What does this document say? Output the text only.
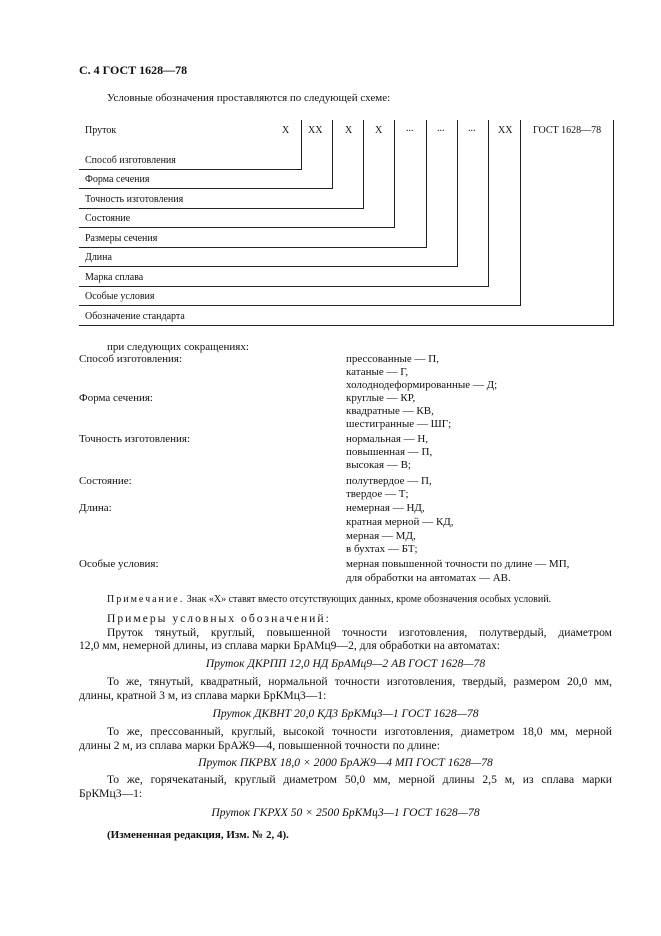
С. 4 ГОСТ 1628—78
Условные обозначения проставляются по следующей схеме:
Пруток	Х ХХ Х Х ... ... ... ХХ ГОСТ 1628—78
Способ изготовления
Форма сечения
Точность изготовления
Состояние
Размеры сечения
Длина
Марка сплава
Особые условия
Обозначение стандарта
при следующих сокращениях:
Способ изготовления:	прессованные — П,
катаные — Г,
холоднодеформированные — Д;
Форма сечения:	круглые — КР,
квадратные — КВ,
шестигранные — ШГ;
Точность изготовления:	нормальная — Н,
повышенная — П,
высокая — В;
Состояние:	полутвердое — П,
твердое — Т;
Длина:	немерная — НД,
кратная мерной — КД,
мерная — МД,
в бухтах — БТ;
Особые условия:	мерная повышенной точности по длине — МП,
для обработки на автоматах — АВ.
Примечание. Знак «Х» ставят вместо отсутствующих данных, кроме обозначения особых условий.
Примеры условных обозначений:
Пруток тянутый, круглый, повышенной точности изготовления, полутвердый, диаметром
12,0 мм, немерной длины, из сплава марки БрАМц9—2, для обработки на автоматах:
Пруток ДКРПП 12,0 НД БрАМц9—2 АВ ГОСТ 1628—78
То же, тянутый, квадратный, нормальной точности изготовления, твердый, размером 20,0 мм,
длины, кратной 3 м, из сплава марки БрКМц3—1:
Пруток ДКВНТ 20,0 КД3 БрКМц3—1 ГОСТ 1628—78
То же, прессованный, круглый, высокой точности изготовления, диаметром 18,0 мм, мерной
длины 2 м, из сплава марки БрАЖ9—4, повышенной точности по длине:
Пруток ПКРВХ 18,0 × 2000 БрАЖ9—4 МП ГОСТ 1628—78
То же, горячекатаный, круглый диаметром 50,0 мм, мерной длины 2,5 м, из сплава марки
БрКМц3—1:
Пруток ГКРХХ 50 × 2500 БрКМц3—1 ГОСТ 1628—78
(Измененная редакция, Изм. № 2, 4).
